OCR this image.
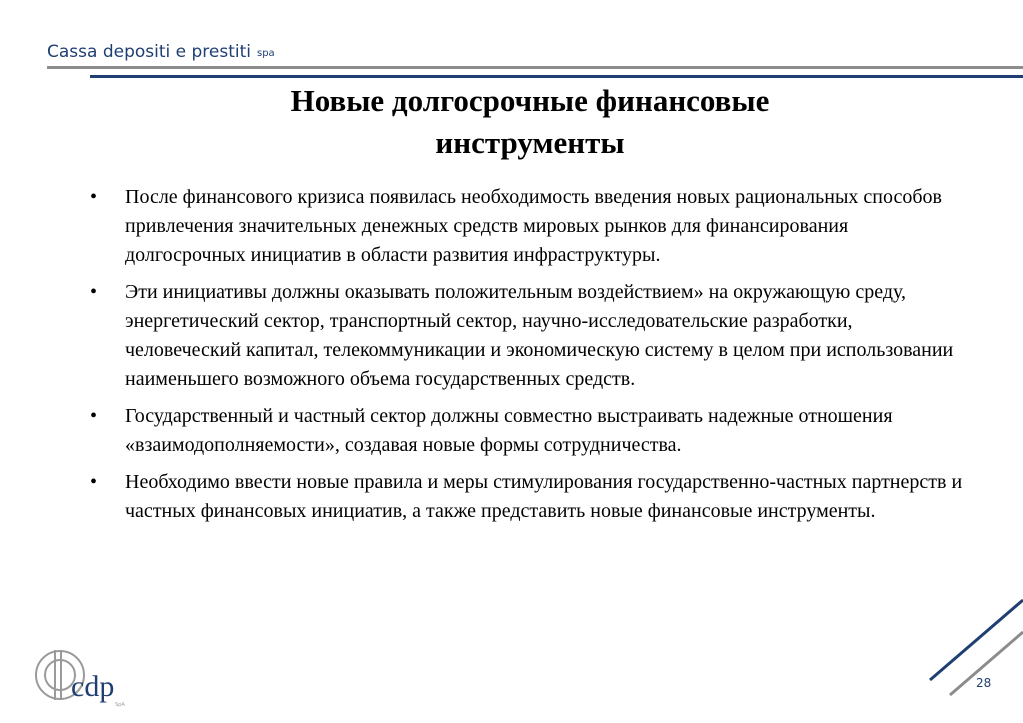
Cassa depositi e prestiti spa
Новые долгосрочные финансовые
инструменты
• После финансового кризиса появилась необходимость введения новых рациональных способов привлечения значительных денежных средств мировых рынков для финансирования долгосрочных инициатив в области развития инфраструктуры.
• Эти инициативы должны оказывать положительным воздействием» на окружающую среду, энергетический сектор, транспортный сектор, научно-исследовательские разработки, человеческий капитал, телекоммуникации и экономическую систему в целом при использовании наименьшего возможного объема государственных средств.
• Государственный и частный сектор должны совместно выстраивать надежные отношения «взаимодополняемости», создавая новые формы сотрудничества.
• Необходимо ввести новые правила и меры стимулирования государственно-частных партнерств и частных финансовых инициатив, а также представить новые финансовые инструменты.
cdp
SpA
28
